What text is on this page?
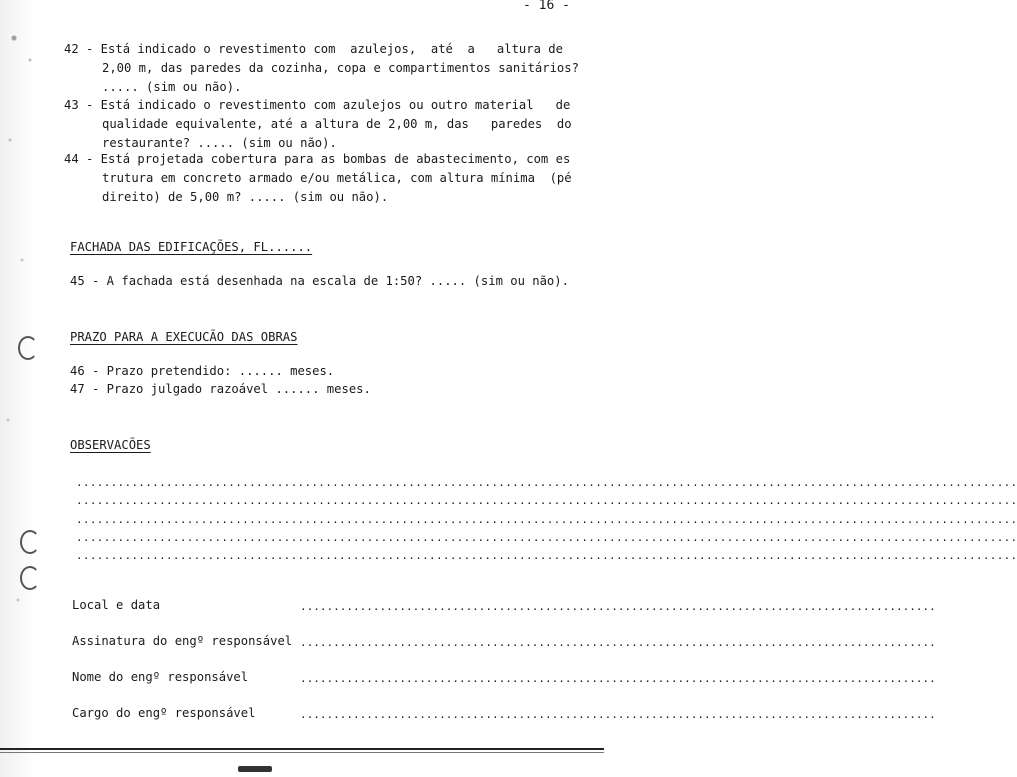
- 16 -
42 - Está indicado o revestimento com  azulejos,  até  a   altura de
2,00 m, das paredes da cozinha, copa e compartimentos sanitários?
..... (sim ou não).
43 - Está indicado o revestimento com azulejos ou outro material   de
qualidade equivalente, até a altura de 2,00 m, das   paredes  do
restaurante? ..... (sim ou não).
44 - Está projetada cobertura para as bombas de abastecimento, com es
trutura em concreto armado e/ou metálica, com altura mínima  (pé
direito) de 5,00 m? ..... (sim ou não).
FACHADA DAS EDIFICAÇÕES, FL......
45 - A fachada está desenhada na escala de 1:50? ..... (sim ou não).
PRAZO PARA A EXECUCÃO DAS OBRAS
46 - Prazo pretendido: ...... meses.
47 - Prazo julgado razoável ...... meses.
OBSERVACÕES
........................................................................................................................................
........................................................................................................................................
........................................................................................................................................
........................................................................................................................................
........................................................................................................................................
Local e data	................................................................................................
Assinatura do engº responsável ................................................................................................
Nome do engº responsável	................................................................................................
Cargo do engº responsável	................................................................................................
